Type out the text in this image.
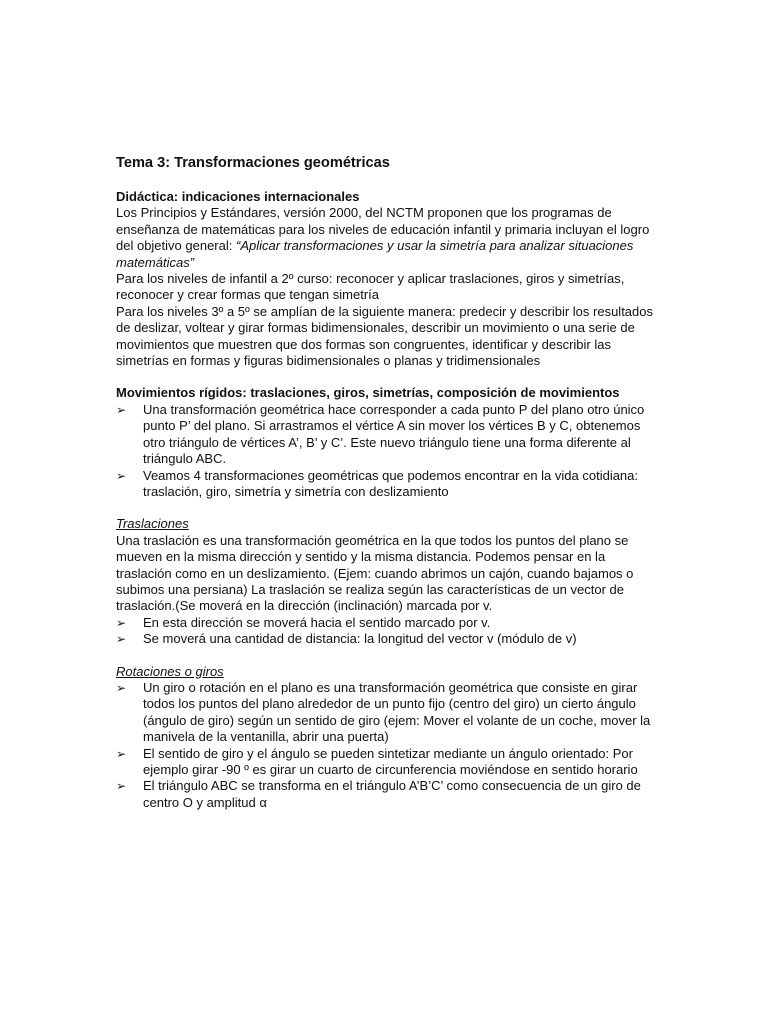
Tema 3: Transformaciones geométricas

Didáctica: indicaciones internacionales

Los Principios y Estándares, versión 2000, del NCTM proponen que los programas de enseñanza de matemáticas para los niveles de educación infantil y primaria incluyan el logro del objetivo general: “Aplicar transformaciones y usar la simetría para analizar situaciones matemáticas”

Para los niveles de infantil a 2º curso: reconocer y aplicar traslaciones, giros y simetrías, reconocer y crear formas que tengan simetría

Para los niveles 3º a 5º se amplían de la siguiente manera: predecir y describir los resultados de deslizar, voltear y girar formas bidimensionales, describir un movimiento o una serie de movimientos que muestren que dos formas son congruentes, identificar y describir las simetrías en formas y figuras bidimensionales o planas y tridimensionales

Movimientos rígidos: traslaciones, giros, simetrías, composición de movimientos

➢	Una transformación geométrica hace corresponder a cada punto P del plano otro único punto P’ del plano. Si arrastramos el vértice A sin mover los vértices B y C, obtenemos otro triángulo de vértices A’, B’ y C’. Este nuevo triángulo tiene una forma diferente al triángulo ABC.
➢	Veamos 4 transformaciones geométricas que podemos encontrar en la vida cotidiana: traslación, giro, simetría y simetría con deslizamiento

Traslaciones

Una traslación es una transformación geométrica en la que todos los puntos del plano se mueven en la misma dirección y sentido y la misma distancia. Podemos pensar en la traslación como en un deslizamiento. (Ejem: cuando abrimos un cajón, cuando bajamos o subimos una persiana) La traslación se realiza según las características de un vector de traslación.(Se moverá en la dirección (inclinación) marcada por v.

➢	En esta dirección se moverá hacia el sentido marcado por v.
➢	Se moverá una cantidad de distancia: la longitud del vector v (módulo de v)

Rotaciones o giros

➢	Un giro o rotación en el plano es una transformación geométrica que consiste en girar todos los puntos del plano alrededor de un punto fijo (centro del giro) un cierto ángulo (ángulo de giro) según un sentido de giro (ejem: Mover el volante de un coche, mover la manivela de la ventanilla, abrir una puerta)
➢	El sentido de giro y el ángulo se pueden sintetizar mediante un ángulo orientado: Por ejemplo girar -90 º es girar un cuarto de circunferencia moviéndose en sentido horario
➢	El triángulo ABC se transforma en el triángulo A’B’C’ como consecuencia de un giro de centro O y amplitud α
